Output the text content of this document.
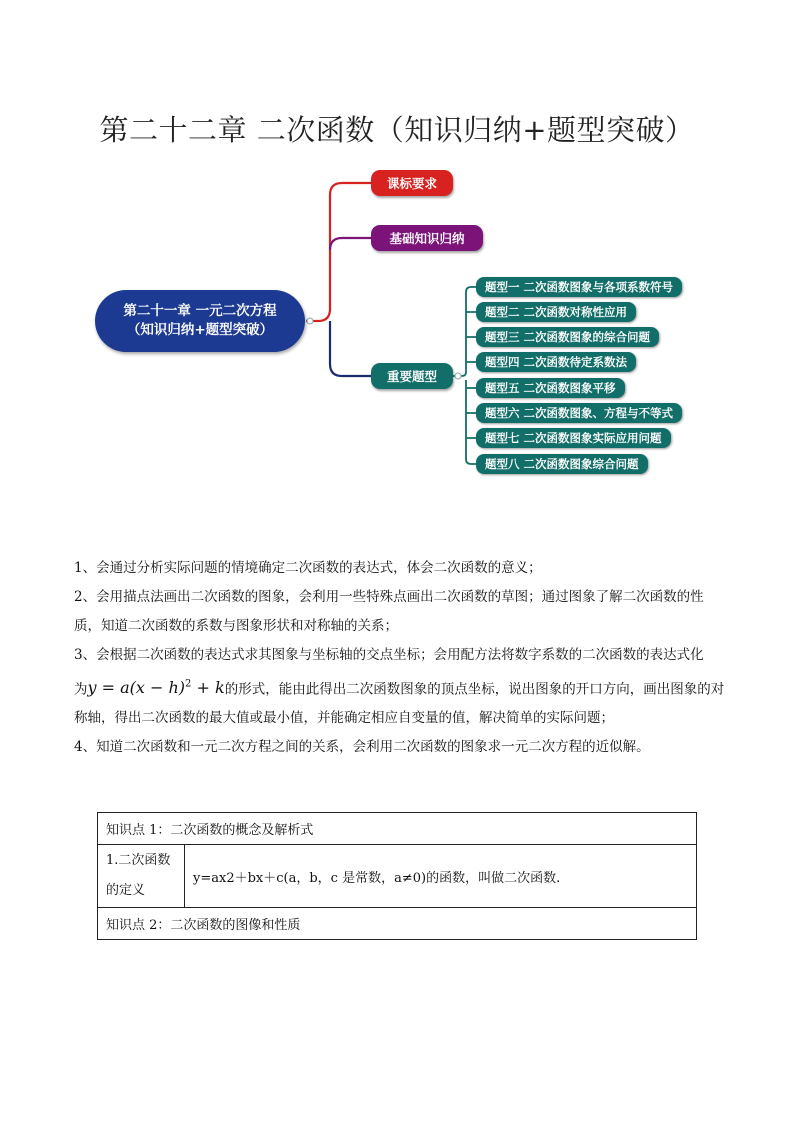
第二十二章 二次函数（知识归纳+题型突破）
第二十一章 一元二次方程
（知识归纳+题型突破）
课标要求
基础知识归纳
重要题型
题型一 二次函数图象与各项系数符号
题型二 二次函数对称性应用
题型三 二次函数图象的综合问题
题型四 二次函数待定系数法
题型五 二次函数图象平移
题型六 二次函数图象、方程与不等式
题型七 二次函数图象实际应用问题
题型八 二次函数图象综合问题

1、会通过分析实际问题的情境确定二次函数的表达式，体会二次函数的意义；

2、会用描点法画出二次函数的图象，会利用一些特殊点画出二次函数的草图；通过图象了解二次函数的性

质，知道二次函数的系数与图象形状和对称轴的关系；

3、会根据二次函数的表达式求其图象与坐标轴的交点坐标；会用配方法将数字系数的二次函数的表达式化

为$y = a(x - h)^2 + k$的形式，能由此得出二次函数图象的顶点坐标，说出图象的开口方向，画出图象的对

称轴，得出二次函数的最大值或最小值，并能确定相应自变量的值，解决简单的实际问题；

4、知道二次函数和一元二次方程之间的关系，会利用二次函数的图象求一元二次方程的近似解。

知识点 1：二次函数的概念及解析式

1.二次函数
的定义
	y=ax2＋bx＋c(a，b，c 是常数，a≠0)的函数，叫做二次函数.
知识点 2：二次函数的图像和性质
